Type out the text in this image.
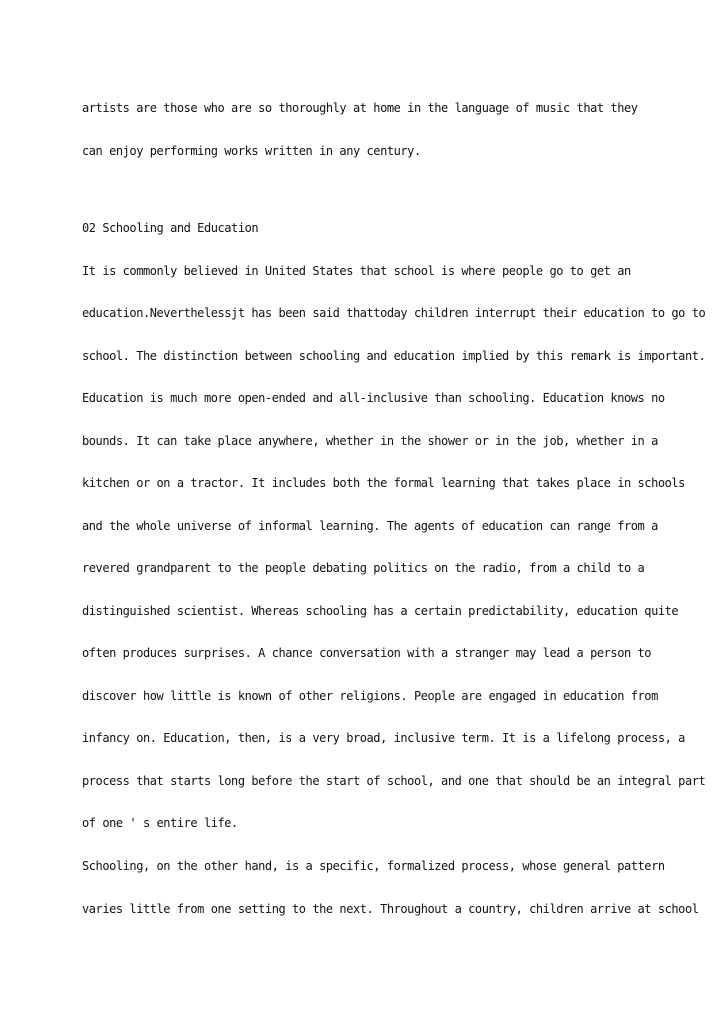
artists are those who are so thoroughly at home in the language of music that they
can enjoy performing works written in any century.
02 Schooling and Education
It is commonly believed in United States that school is where people go to get an
education.Neverthelessjt has been said thattoday children interrupt their education to go to
school. The distinction between schooling and education implied by this remark is important.
Education is much more open-ended and all-inclusive than schooling. Education knows no
bounds. It can take place anywhere, whether in the shower or in the job, whether in a
kitchen or on a tractor. It includes both the formal learning that takes place in schools
and the whole universe of informal learning. The agents of education can range from a
revered grandparent to the people debating politics on the radio, from a child to a
distinguished scientist. Whereas schooling has a certain predictability, education quite
often produces surprises. A chance conversation with a stranger may lead a person to
discover how little is known of other religions. People are engaged in education from
infancy on. Education, then, is a very broad, inclusive term. It is a lifelong process, a
process that starts long before the start of school, and one that should be an integral part
of one ' s entire life.
Schooling, on the other hand, is a specific, formalized process, whose general pattern
varies little from one setting to the next. Throughout a country, children arrive at school
